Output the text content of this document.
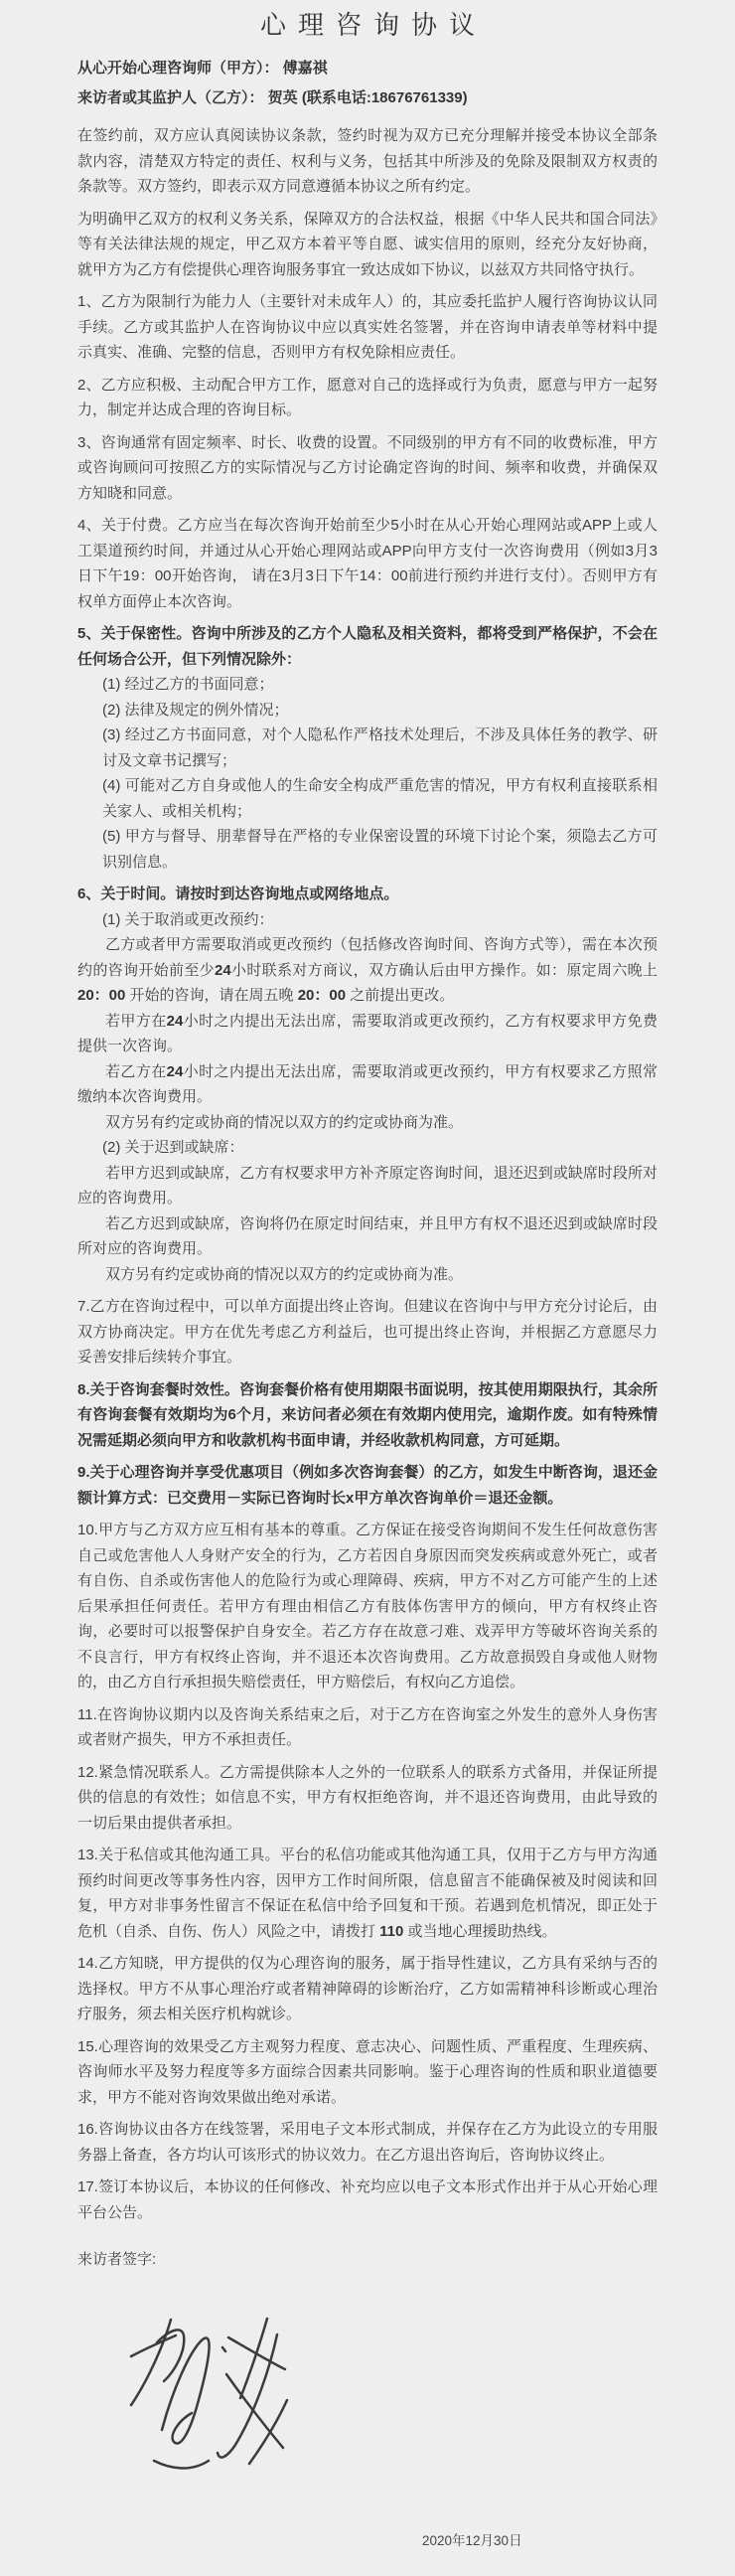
心理咨询协议

从心开始心理咨询师（甲方）： 傅嘉祺

来访者或其监护人（乙方）： 贺英 (联系电话:18676761339)

在签约前，双方应认真阅读协议条款，签约时视为双方已充分理解并接受本协议全部条款内容，清楚双方特定的责任、权利与义务，包括其中所涉及的免除及限制双方权责的条款等。双方签约，即表示双方同意遵循本协议之所有约定。

为明确甲乙双方的权利义务关系，保障双方的合法权益，根据《中华人民共和国合同法》等有关法律法规的规定，甲乙双方本着平等自愿、诚实信用的原则，经充分友好协商，就甲方为乙方有偿提供心理咨询服务事宜一致达成如下协议，以兹双方共同恪守执行。

1、乙方为限制行为能力人（主要针对未成年人）的，其应委托监护人履行咨询协议认同手续。乙方或其监护人在咨询协议中应以真实姓名签署，并在咨询申请表单等材料中提示真实、准确、完整的信息，否则甲方有权免除相应责任。

2、乙方应积极、主动配合甲方工作，愿意对自己的选择或行为负责，愿意与甲方一起努力，制定并达成合理的咨询目标。

3、咨询通常有固定频率、时长、收费的设置。不同级别的甲方有不同的收费标准，甲方或咨询顾问可按照乙方的实际情况与乙方讨论确定咨询的时间、频率和收费，并确保双方知晓和同意。

4、关于付费。乙方应当在每次咨询开始前至少5小时在从心开始心理网站或APP上或人工渠道预约时间，并通过从心开始心理网站或APP向甲方支付一次咨询费用（例如3月3日下午19：00开始咨询， 请在3月3日下午14：00前进行预约并进行支付）。否则甲方有权单方面停止本次咨询。

5、关于保密性。咨询中所涉及的乙方个人隐私及相关资料，都将受到严格保护，不会在任何场合公开，但下列情况除外：

(1) 经过乙方的书面同意；

(2) 法律及规定的例外情况；

(3) 经过乙方书面同意，对个人隐私作严格技术处理后，不涉及具体任务的教学、研讨及文章书记撰写；

(4) 可能对乙方自身或他人的生命安全构成严重危害的情况，甲方有权利直接联系相关家人、或相关机构；

(5) 甲方与督导、朋辈督导在严格的专业保密设置的环境下讨论个案，须隐去乙方可识别信息。

6、关于时间。请按时到达咨询地点或网络地点。

(1) 关于取消或更改预约：

乙方或者甲方需要取消或更改预约（包括修改咨询时间、咨询方式等），需在本次预约的咨询开始前至少24小时联系对方商议，双方确认后由甲方操作。如：原定周六晚上 20：00 开始的咨询，请在周五晚 20：00 之前提出更改。

若甲方在24小时之内提出无法出席，需要取消或更改预约，乙方有权要求甲方免费提供一次咨询。

若乙方在24小时之内提出无法出席，需要取消或更改预约，甲方有权要求乙方照常缴纳本次咨询费用。

双方另有约定或协商的情况以双方的约定或协商为准。

(2) 关于迟到或缺席：

若甲方迟到或缺席，乙方有权要求甲方补齐原定咨询时间，退还迟到或缺席时段所对应的咨询费用。

若乙方迟到或缺席，咨询将仍在原定时间结束，并且甲方有权不退还迟到或缺席时段所对应的咨询费用。

双方另有约定或协商的情况以双方的约定或协商为准。

7.乙方在咨询过程中，可以单方面提出终止咨询。但建议在咨询中与甲方充分讨论后，由双方协商决定。甲方在优先考虑乙方利益后，也可提出终止咨询，并根据乙方意愿尽力妥善安排后续转介事宜。

8.关于咨询套餐时效性。咨询套餐价格有使用期限书面说明，按其使用期限执行，其余所有咨询套餐有效期均为6个月，来访问者必须在有效期内使用完，逾期作废。如有特殊情况需延期必须向甲方和收款机构书面申请，并经收款机构同意，方可延期。

9.关于心理咨询并享受优惠项目（例如多次咨询套餐）的乙方，如发生中断咨询，退还金额计算方式：已交费用－实际已咨询时长x甲方单次咨询单价＝退还金额。

10.甲方与乙方双方应互相有基本的尊重。乙方保证在接受咨询期间不发生任何故意伤害自己或危害他人人身财产安全的行为，乙方若因自身原因而突发疾病或意外死亡，或者有自伤、自杀或伤害他人的危险行为或心理障碍、疾病，甲方不对乙方可能产生的上述后果承担任何责任。若甲方有理由相信乙方有肢体伤害甲方的倾向，甲方有权终止咨询，必要时可以报警保护自身安全。若乙方存在故意刁难、戏弄甲方等破坏咨询关系的不良言行，甲方有权终止咨询，并不退还本次咨询费用。乙方故意损毁自身或他人财物的，由乙方自行承担损失赔偿责任，甲方赔偿后，有权向乙方追偿。

11.在咨询协议期内以及咨询关系结束之后，对于乙方在咨询室之外发生的意外人身伤害或者财产损失，甲方不承担责任。

12.紧急情况联系人。乙方需提供除本人之外的一位联系人的联系方式备用，并保证所提供的信息的有效性；如信息不实，甲方有权拒绝咨询，并不退还咨询费用，由此导致的一切后果由提供者承担。

13.关于私信或其他沟通工具。平台的私信功能或其他沟通工具，仅用于乙方与甲方沟通预约时间更改等事务性内容，因甲方工作时间所限，信息留言不能确保被及时阅读和回复，甲方对非事务性留言不保证在私信中给予回复和干预。若遇到危机情况，即正处于危机（自杀、自伤、伤人）风险之中，请拨打 110 或当地心理援助热线。

14.乙方知晓，甲方提供的仅为心理咨询的服务，属于指导性建议，乙方具有采纳与否的选择权。甲方不从事心理治疗或者精神障碍的诊断治疗，乙方如需精神科诊断或心理治疗服务，须去相关医疗机构就诊。

15.心理咨询的效果受乙方主观努力程度、意志决心、问题性质、严重程度、生理疾病、咨询师水平及努力程度等多方面综合因素共同影响。鉴于心理咨询的性质和职业道德要求，甲方不能对咨询效果做出绝对承诺。

16.咨询协议由各方在线签署，采用电子文本形式制成，并保存在乙方为此设立的专用服务器上备查，各方均认可该形式的协议效力。在乙方退出咨询后，咨询协议终止。

17.签订本协议后，本协议的任何修改、补充均应以电子文本形式作出并于从心开始心理平台公告。

来访者签字:

2020年12月30日
